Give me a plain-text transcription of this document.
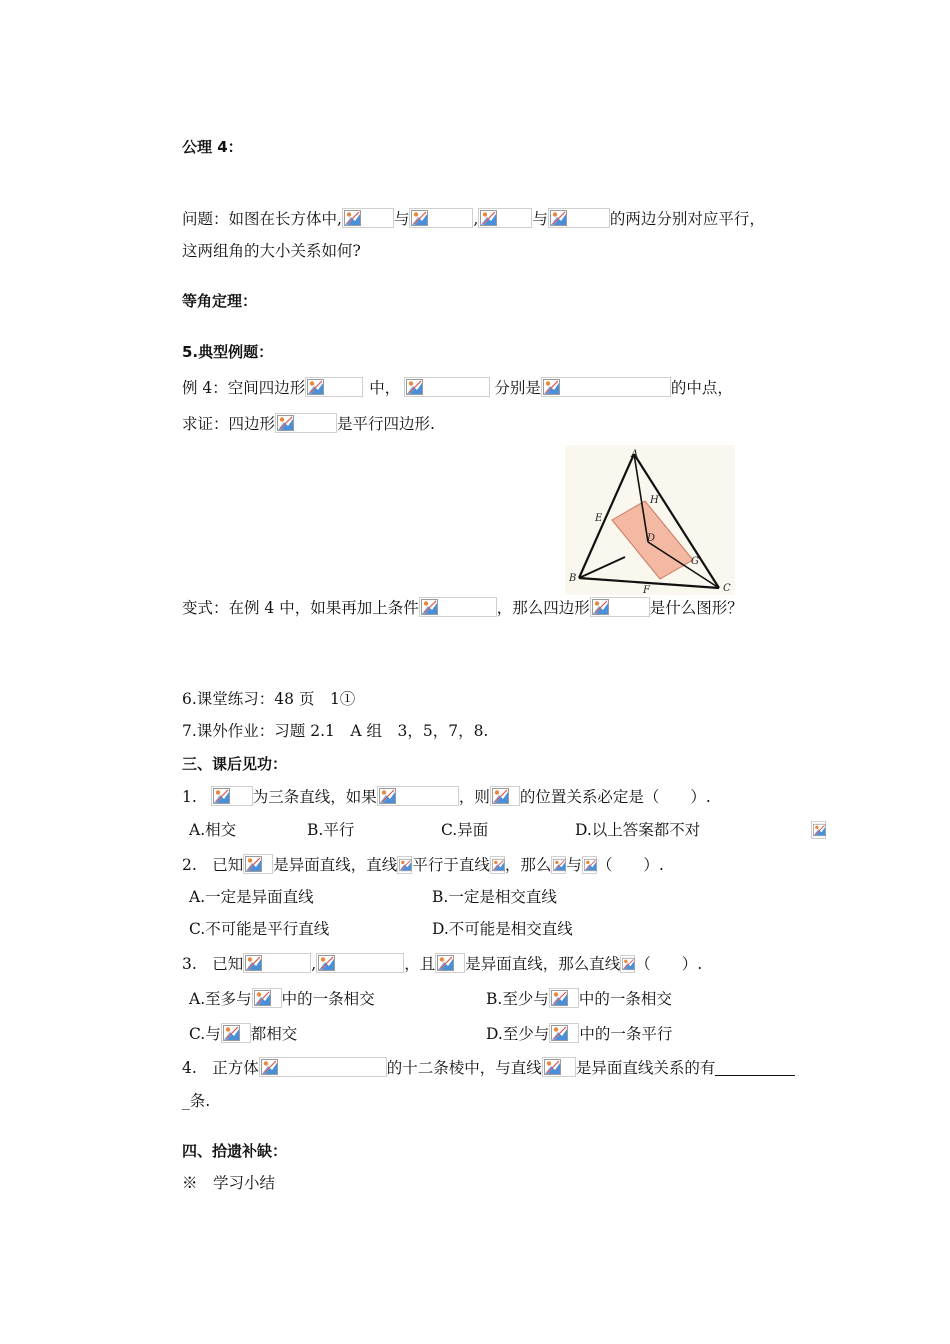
公理 4：
问题：如图在长方体中,	与	,	与	的两边分别对应平行，
这两组角的大小关系如何?
等角定理：
5.典型例题：
例 4：空间四边形	中，	分别是	的中点，
求证：四边形	是平行四边形.
A
H
E
D
G
B
F	C
变式：在例 4 中，如果再加上条件	，那么四边形	是什么图形？
6.课堂练习：48 页　1①
7.课外作业：习题 2.1　A 组　3，5，7，8.
三、课后见功：
1.	为三条直线，如果	，则 的位置关系必定是（　　）.
A.相交	B.平行	C.异面	D.以上答案都不对
2.　已知 是异面直线，直线 平行于直线 ，那么 与 （　　）.
A.一定是异面直线	B.一定是相交直线
C.不可能是平行直线	D.不可能是相交直线
3.　已知	,	，且 是异面直线，那么直线 （　　）.
A.至多与 中的一条相交	B.至少与 中的一条相交
C.与 都相交	D.至少与 中的一条平行
4.　正方体	的十二条棱中，与直线 是异面直线关系的有
_条.
四、拾遗补缺：
※　学习小结
